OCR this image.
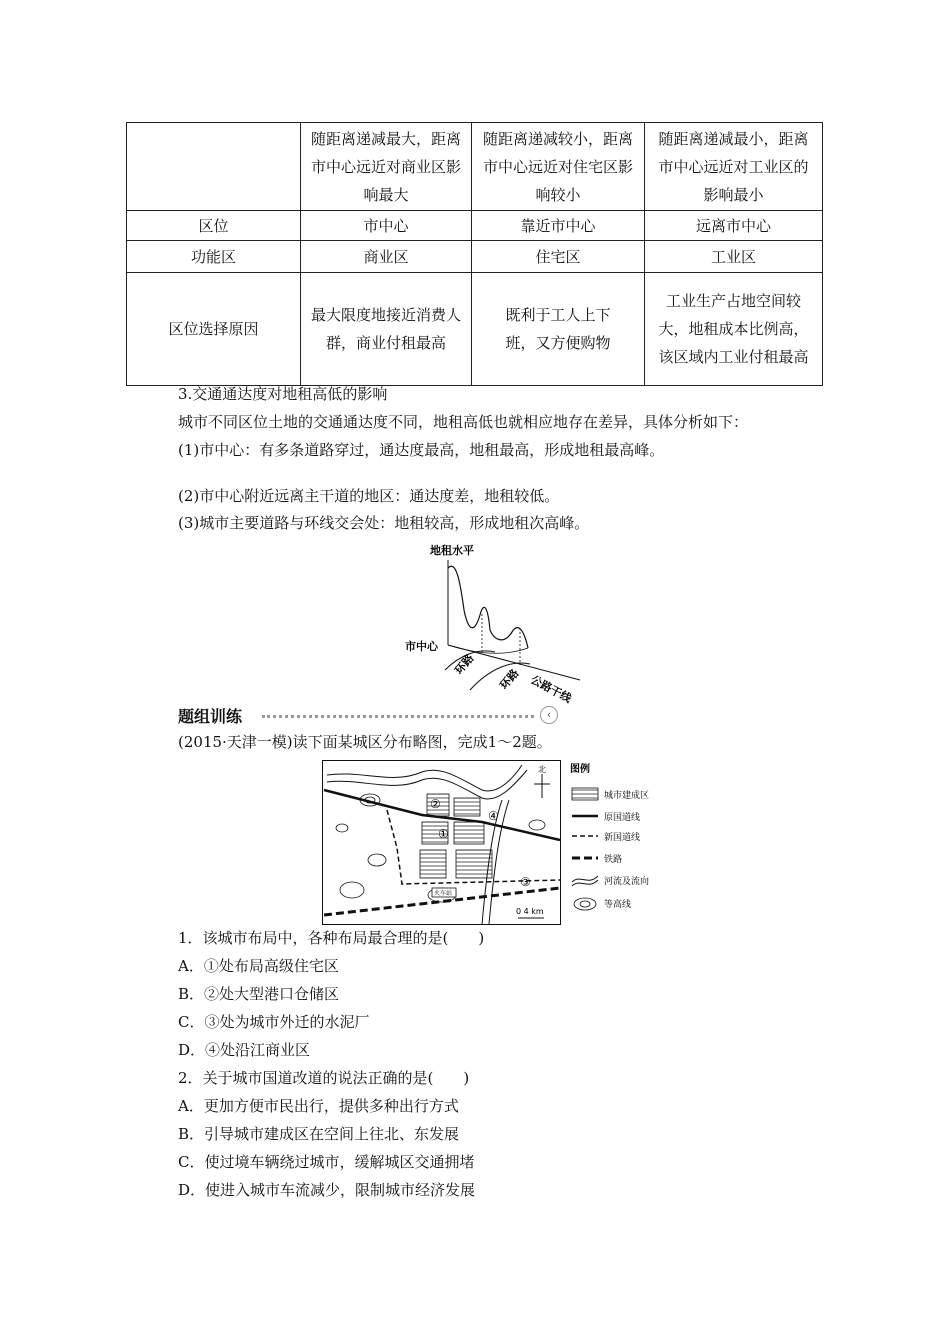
	随距离递减最大，距离市中心远近对商业区影响最大	随距离递减较小，距离市中心远近对住宅区影响较小	随距离递减最小，距离市中心远近对工业区的影响最小
区位	市中心	靠近市中心	远离市中心
功能区	商业区	住宅区	工业区
区位选择原因	最大限度地接近消费人群，商业付租最高	既利于工人上下班，又方便购物	工业生产占地空间较大，地租成本比例高，该区域内工业付租最高
3.交通通达度对地租高低的影响
城市不同区位土地的交通通达度不同，地租高低也就相应地存在差异，具体分析如下：
(1)市中心：有多条道路穿过，通达度最高，地租最高，形成地租最高峰。
(2)市中心附近远离主干道的地区：通达度差，地租较低。
(3)城市主要道路与环线交会处：地租较高，形成地租次高峰。
地租水平
市中心
环路
环路 公路干线
题组训练	‹
(2015·天津一模)读下面某城区分布略图，完成1～2题。
火车站
②
①
③
④
北
0 4 km
图例
城市建成区
原国道线
新国道线
铁路
河流及流向
等高线
1．该城市布局中，各种布局最合理的是(　　)
A．①处布局高级住宅区
B．②处大型港口仓储区
C．③处为城市外迁的水泥厂
D．④处沿江商业区
2．关于城市国道改道的说法正确的是(　　)
A．更加方便市民出行，提供多种出行方式
B．引导城市建成区在空间上往北、东发展
C．使过境车辆绕过城市，缓解城区交通拥堵
D．使进入城市车流减少，限制城市经济发展
